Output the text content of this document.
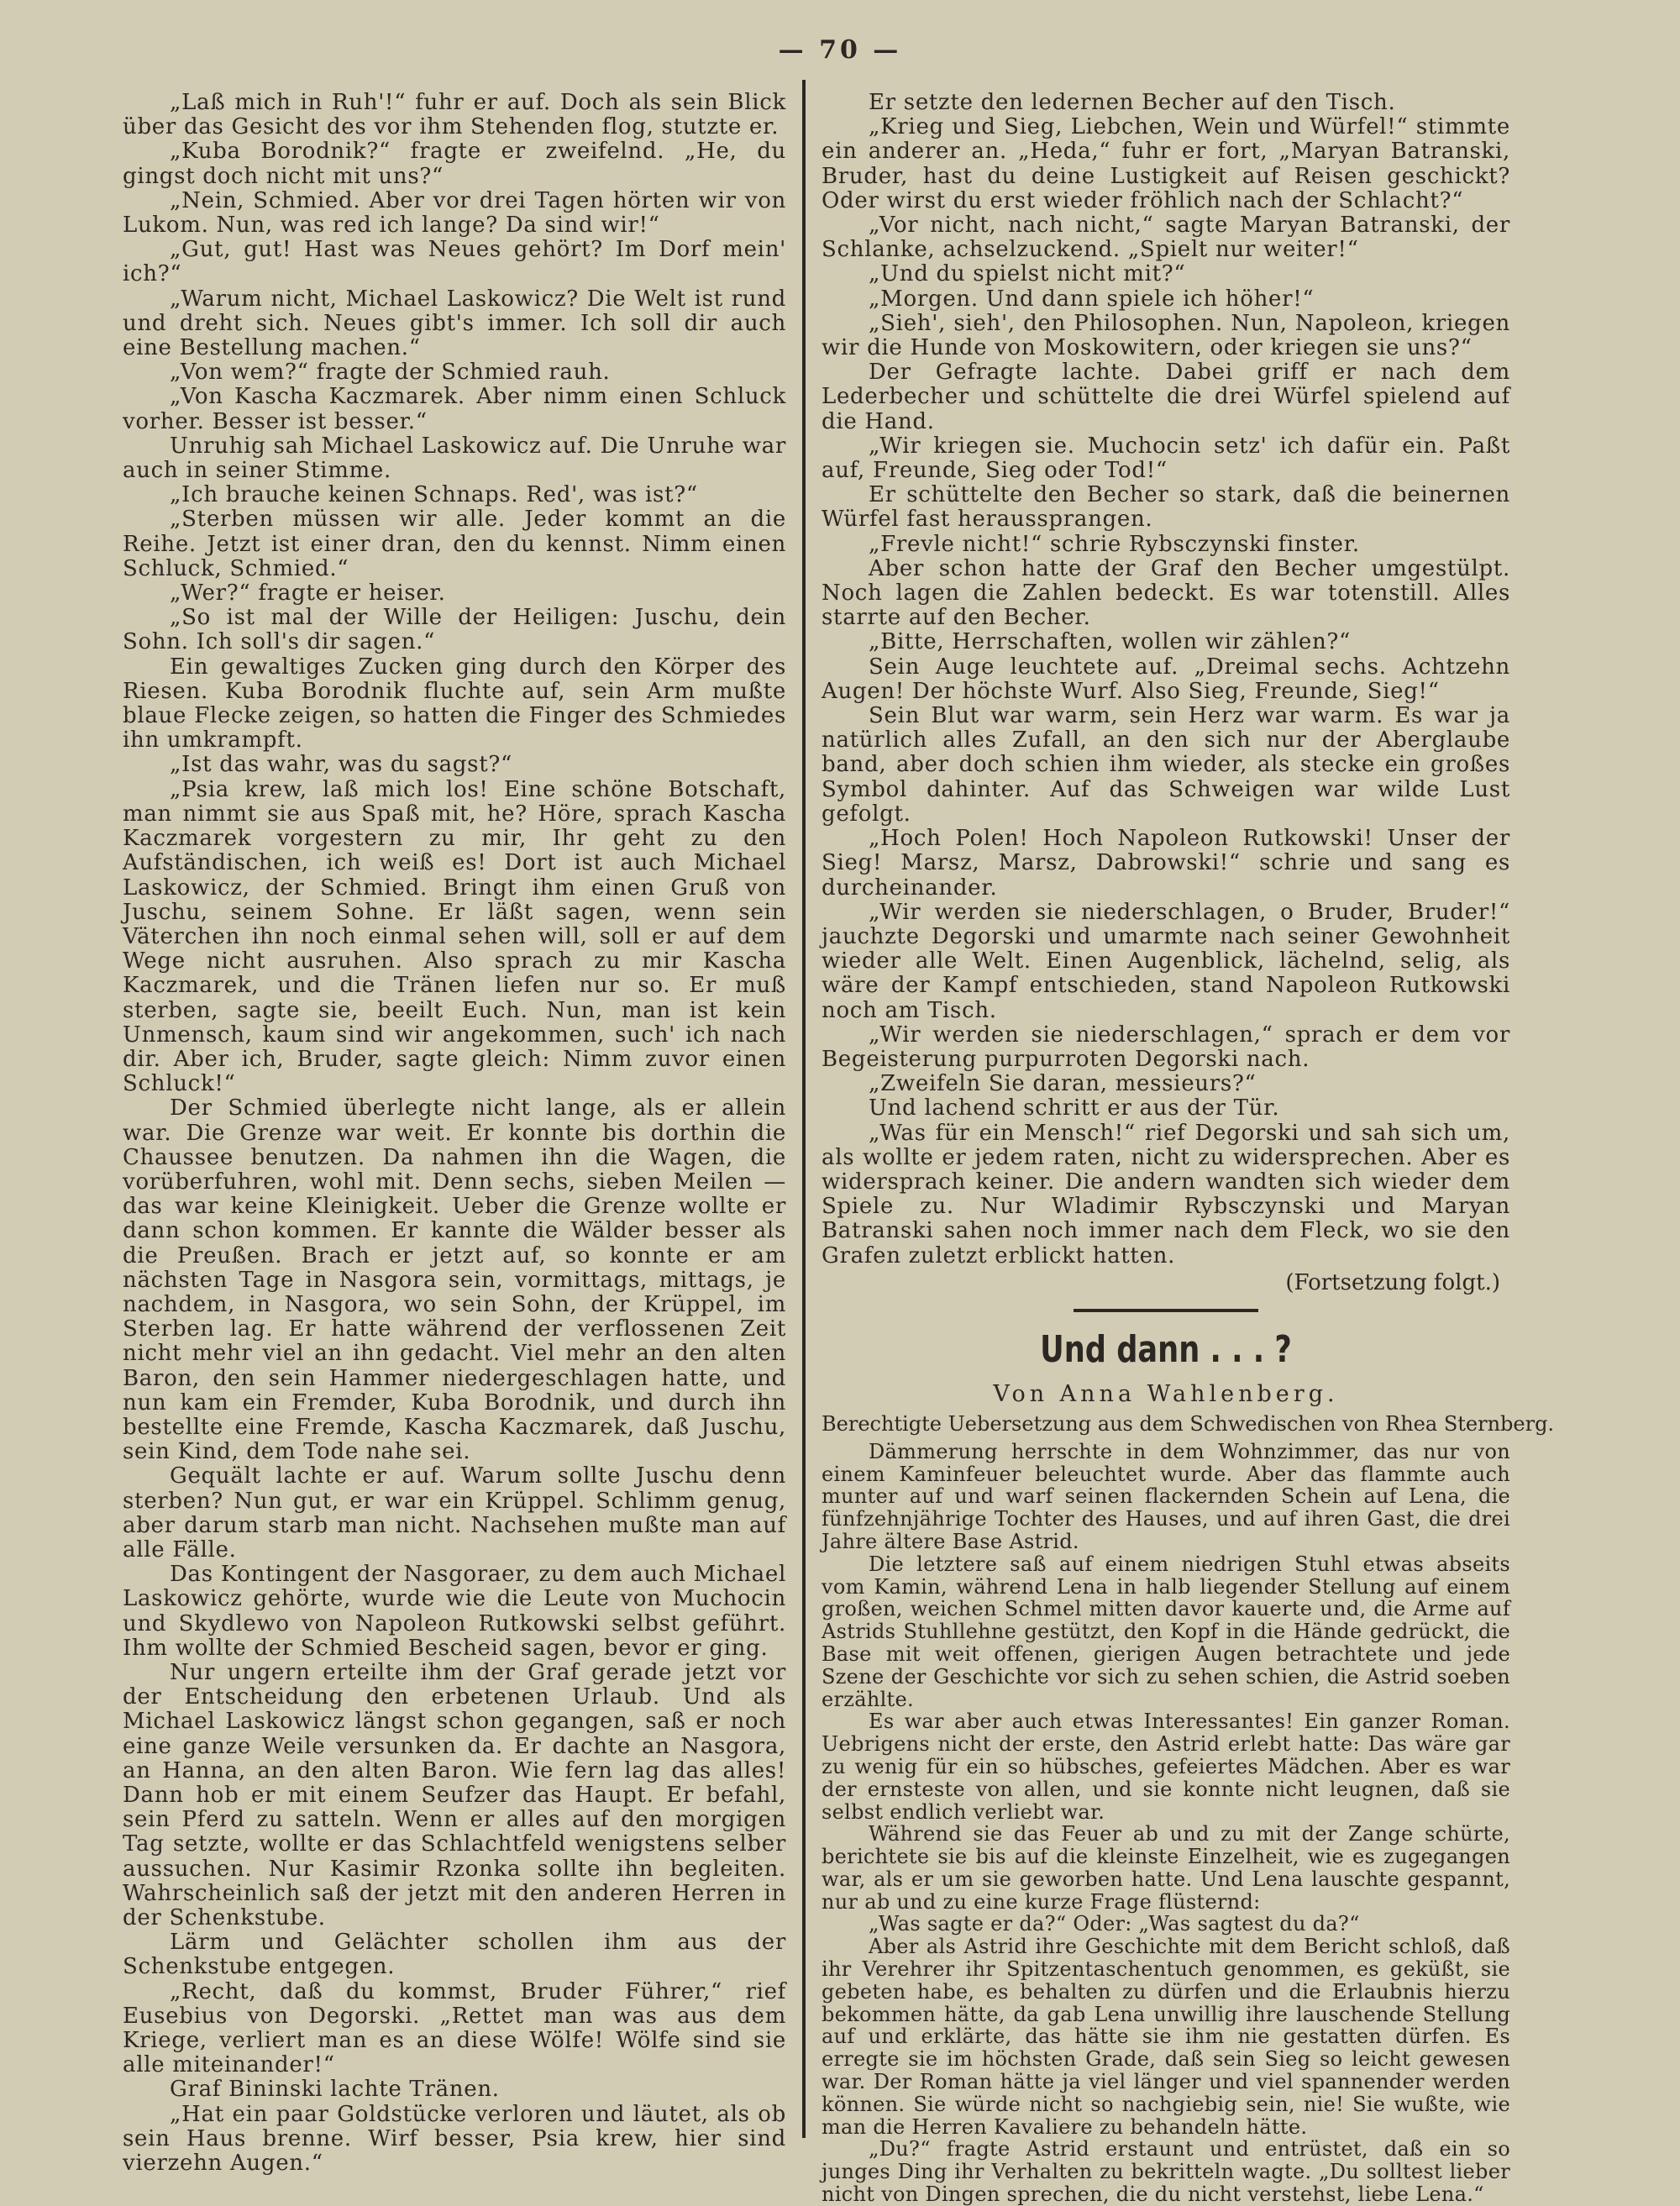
— 70 —

„Laß mich in Ruh'!“ fuhr er auf. Doch als sein Blick über das Gesicht des vor ihm Stehenden flog, stutzte er.

„Kuba Borodnik?“ fragte er zweifelnd. „He, du gingst doch nicht mit uns?“

„Nein, Schmied. Aber vor drei Tagen hörten wir von Lukom. Nun, was red ich lange? Da sind wir!“

„Gut, gut! Hast was Neues gehört? Im Dorf mein' ich?“

„Warum nicht, Michael Laskowicz? Die Welt ist rund und dreht sich. Neues gibt's immer. Ich soll dir auch eine Bestellung machen.“

„Von wem?“ fragte der Schmied rauh.

„Von Kascha Kaczmarek. Aber nimm einen Schluck vorher. Besser ist besser.“

Unruhig sah Michael Laskowicz auf. Die Unruhe war auch in seiner Stimme.

„Ich brauche keinen Schnaps. Red', was ist?“

„Sterben müssen wir alle. Jeder kommt an die Reihe. Jetzt ist einer dran, den du kennst. Nimm einen Schluck, Schmied.“

„Wer?“ fragte er heiser.

„So ist mal der Wille der Heiligen: Juschu, dein Sohn. Ich soll's dir sagen.“

Ein gewaltiges Zucken ging durch den Körper des Riesen. Kuba Borodnik fluchte auf, sein Arm mußte blaue Flecke zeigen, so hatten die Finger des Schmiedes ihn umkrampft.

„Ist das wahr, was du sagst?“

„Psia krew, laß mich los! Eine schöne Botschaft, man nimmt sie aus Spaß mit, he? Höre, sprach Kascha Kaczmarek vorgestern zu mir, Ihr geht zu den Aufständischen, ich weiß es! Dort ist auch Michael Laskowicz, der Schmied. Bringt ihm einen Gruß von Juschu, seinem Sohne. Er läßt sagen, wenn sein Väterchen ihn noch einmal sehen will, soll er auf dem Wege nicht ausruhen. Also sprach zu mir Kascha Kaczmarek, und die Tränen liefen nur so. Er muß sterben, sagte sie, beeilt Euch. Nun, man ist kein Unmensch, kaum sind wir angekommen, such' ich nach dir. Aber ich, Bruder, sagte gleich: Nimm zuvor einen Schluck!“

Der Schmied überlegte nicht lange, als er allein war. Die Grenze war weit. Er konnte bis dorthin die Chaussee benutzen. Da nahmen ihn die Wagen, die vorüberfuhren, wohl mit. Denn sechs, sieben Meilen — das war keine Kleinigkeit. Ueber die Grenze wollte er dann schon kommen. Er kannte die Wälder besser als die Preußen. Brach er jetzt auf, so konnte er am nächsten Tage in Nasgora sein, vormittags, mittags, je nachdem, in Nasgora, wo sein Sohn, der Krüppel, im Sterben lag. Er hatte während der verflossenen Zeit nicht mehr viel an ihn gedacht. Viel mehr an den alten Baron, den sein Hammer niedergeschlagen hatte, und nun kam ein Fremder, Kuba Borodnik, und durch ihn bestellte eine Fremde, Kascha Kaczmarek, daß Juschu, sein Kind, dem Tode nahe sei.

Gequält lachte er auf. Warum sollte Juschu denn sterben? Nun gut, er war ein Krüppel. Schlimm genug, aber darum starb man nicht. Nachsehen mußte man auf alle Fälle.

Das Kontingent der Nasgoraer, zu dem auch Michael Laskowicz gehörte, wurde wie die Leute von Muchocin und Skydlewo von Napoleon Rutkowski selbst geführt. Ihm wollte der Schmied Bescheid sagen, bevor er ging.

Nur ungern erteilte ihm der Graf gerade jetzt vor der Entscheidung den erbetenen Urlaub. Und als Michael Laskowicz längst schon gegangen, saß er noch eine ganze Weile versunken da. Er dachte an Nasgora, an Hanna, an den alten Baron. Wie fern lag das alles! Dann hob er mit einem Seufzer das Haupt. Er befahl, sein Pferd zu satteln. Wenn er alles auf den morgigen Tag setzte, wollte er das Schlachtfeld wenigstens selber aussuchen. Nur Kasimir Rzonka sollte ihn begleiten. Wahrscheinlich saß der jetzt mit den anderen Herren in der Schenkstube.

Lärm und Gelächter schollen ihm aus der Schenkstube entgegen.

„Recht, daß du kommst, Bruder Führer,“ rief Eusebius von Degorski. „Rettet man was aus dem Kriege, verliert man es an diese Wölfe! Wölfe sind sie alle miteinander!“

Graf Bininski lachte Tränen.

„Hat ein paar Goldstücke verloren und läutet, als ob sein Haus brenne. Wirf besser, Psia krew, hier sind vierzehn Augen.“

Er setzte den ledernen Becher auf den Tisch.

„Krieg und Sieg, Liebchen, Wein und Würfel!“ stimmte ein anderer an. „Heda,“ fuhr er fort, „Maryan Batranski, Bruder, hast du deine Lustigkeit auf Reisen geschickt? Oder wirst du erst wieder fröhlich nach der Schlacht?“

„Vor nicht, nach nicht,“ sagte Maryan Batranski, der Schlanke, achselzuckend. „Spielt nur weiter!“

„Und du spielst nicht mit?“

„Morgen. Und dann spiele ich höher!“

„Sieh', sieh', den Philosophen. Nun, Napoleon, kriegen wir die Hunde von Moskowitern, oder kriegen sie uns?“

Der Gefragte lachte. Dabei griff er nach dem Lederbecher und schüttelte die drei Würfel spielend auf die Hand.

„Wir kriegen sie. Muchocin setz' ich dafür ein. Paßt auf, Freunde, Sieg oder Tod!“

Er schüttelte den Becher so stark, daß die beinernen Würfel fast heraussprangen.

„Frevle nicht!“ schrie Rybsczynski finster.

Aber schon hatte der Graf den Becher umgestülpt. Noch lagen die Zahlen bedeckt. Es war totenstill. Alles starrte auf den Becher.

„Bitte, Herrschaften, wollen wir zählen?“

Sein Auge leuchtete auf. „Dreimal sechs. Achtzehn Augen! Der höchste Wurf. Also Sieg, Freunde, Sieg!“

Sein Blut war warm, sein Herz war warm. Es war ja natürlich alles Zufall, an den sich nur der Aberglaube band, aber doch schien ihm wieder, als stecke ein großes Symbol dahinter. Auf das Schweigen war wilde Lust gefolgt.

„Hoch Polen! Hoch Napoleon Rutkowski! Unser der Sieg! Marsz, Marsz, Dabrowski!“ schrie und sang es durcheinander.

„Wir werden sie niederschlagen, o Bruder, Bruder!“ jauchzte Degorski und umarmte nach seiner Gewohnheit wieder alle Welt. Einen Augenblick, lächelnd, selig, als wäre der Kampf entschieden, stand Napoleon Rutkowski noch am Tisch.

„Wir werden sie niederschlagen,“ sprach er dem vor Begeisterung purpurroten Degorski nach.

„Zweifeln Sie daran, messieurs?“

Und lachend schritt er aus der Tür.

„Was für ein Mensch!“ rief Degorski und sah sich um, als wollte er jedem raten, nicht zu widersprechen. Aber es widersprach keiner. Die andern wandten sich wieder dem Spiele zu. Nur Wladimir Rybsczynski und Maryan Batranski sahen noch immer nach dem Fleck, wo sie den Grafen zuletzt erblickt hatten.

(Fortsetzung folgt.)
Und dann . . . ?
Von Anna Wahlenberg.
Berechtigte Uebersetzung aus dem Schwedischen von Rhea Sternberg.

Dämmerung herrschte in dem Wohnzimmer, das nur von einem Kaminfeuer beleuchtet wurde. Aber das flammte auch munter auf und warf seinen flackernden Schein auf Lena, die fünfzehnjährige Tochter des Hauses, und auf ihren Gast, die drei Jahre ältere Base Astrid.

Die letztere saß auf einem niedrigen Stuhl etwas abseits vom Kamin, während Lena in halb liegender Stellung auf einem großen, weichen Schmel mitten davor kauerte und, die Arme auf Astrids Stuhllehne gestützt, den Kopf in die Hände gedrückt, die Base mit weit offenen, gierigen Augen betrachtete und jede Szene der Geschichte vor sich zu sehen schien, die Astrid soeben erzählte.

Es war aber auch etwas Interessantes! Ein ganzer Roman. Uebrigens nicht der erste, den Astrid erlebt hatte: Das wäre gar zu wenig für ein so hübsches, gefeiertes Mädchen. Aber es war der ernsteste von allen, und sie konnte nicht leugnen, daß sie selbst endlich verliebt war.

Während sie das Feuer ab und zu mit der Zange schürte, berichtete sie bis auf die kleinste Einzelheit, wie es zugegangen war, als er um sie geworben hatte. Und Lena lauschte gespannt, nur ab und zu eine kurze Frage flüsternd:

„Was sagte er da?“ Oder: „Was sagtest du da?“

Aber als Astrid ihre Geschichte mit dem Bericht schloß, daß ihr Verehrer ihr Spitzentaschentuch genommen, es geküßt, sie gebeten habe, es behalten zu dürfen und die Erlaubnis hierzu bekommen hätte, da gab Lena unwillig ihre lauschende Stellung auf und erklärte, das hätte sie ihm nie gestatten dürfen. Es erregte sie im höchsten Grade, daß sein Sieg so leicht gewesen war. Der Roman hätte ja viel länger und viel spannender werden können. Sie würde nicht so nachgiebig sein, nie! Sie wußte, wie man die Herren Kavaliere zu behandeln hätte.

„Du?“ fragte Astrid erstaunt und entrüstet, daß ein so junges Ding ihr Verhalten zu bekritteln wagte. „Du solltest lieber nicht von Dingen sprechen, die du nicht verstehst, liebe Lena.“
